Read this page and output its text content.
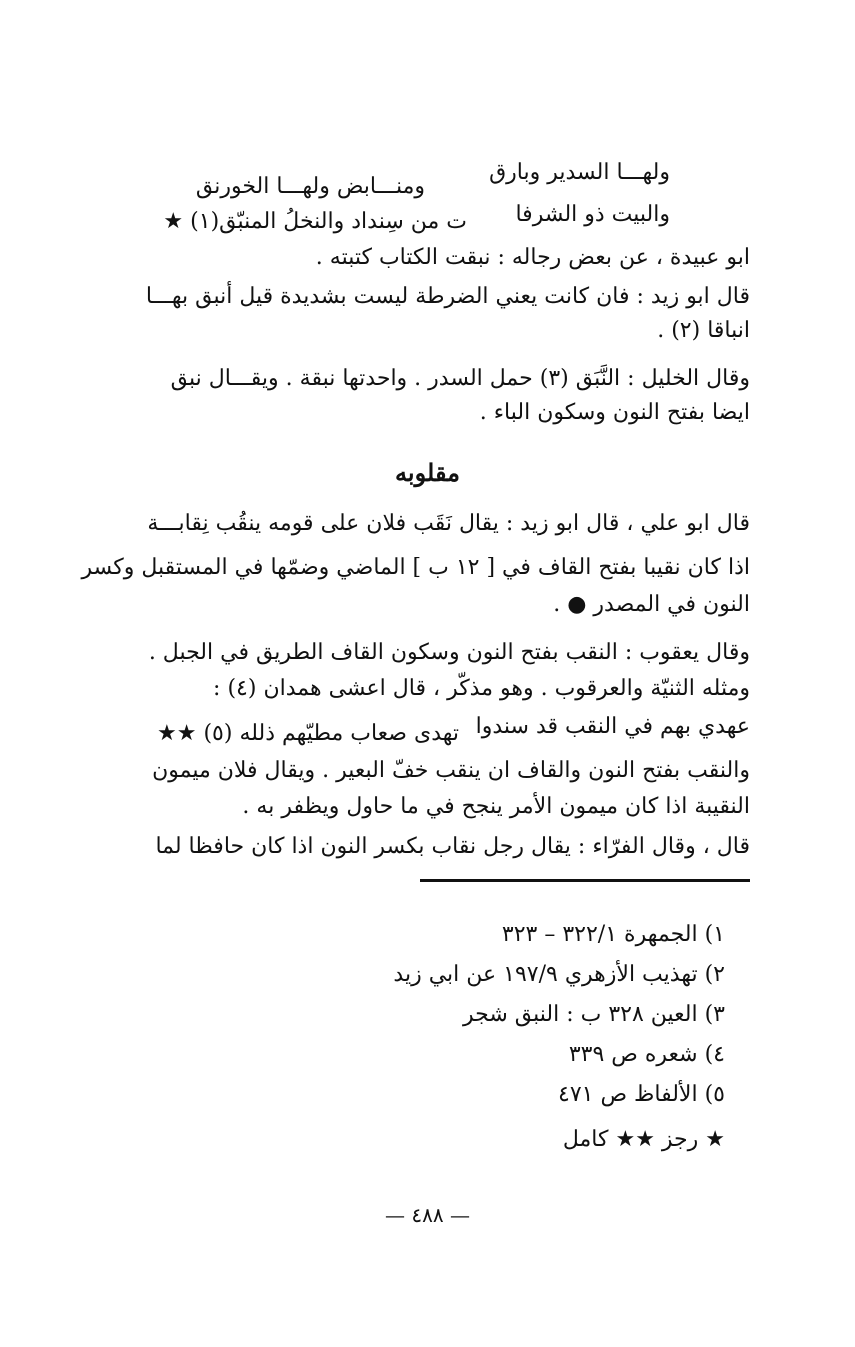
ولهـــا السدير وبارق
ومنـــابض ولهـــا الخورنق
والبيت ذو الشرفا
ت من سِنداد والنخلُ المنبّق(١) ★
ابو عبيدة ، عن بعض رجاله : نبقت الكتاب كتبته .
قال ابو زيد : فان كانت يعني الضرطة ليست بشديدة قيل أنبق بهـــا
انباقا (٢) .
وقال الخليل : النَّبَق (٣) حمل السدر . واحدتها نبقة . ويقـــال نبق
ايضا بفتح النون وسكون الباء .
مقلوبه
قال ابو علي ، قال ابو زيد : يقال نَقَب فلان على قومه ينقُب نِقابـــة
اذا كان نقيبا بفتح القاف في [ ١٢ ب ] الماضي وضمّها في المستقبل وكسر
النون في المصدر ● .
وقال يعقوب : النقب بفتح النون وسكون القاف الطريق في الجبل .
ومثله الثنيّة والعرقوب . وهو مذكّر ، قال اعشى همدان (٤) :
عهدي بهم في النقب قد سندوا
تهدى صعاب مطيّهم ذلله (٥) ★★
والنقب بفتح النون والقاف ان ينقب خفّ البعير . ويقال فلان ميمون
النقيبة اذا كان ميمون الأمر ينجح في ما حاول ويظفر به .
قال ، وقال الفرّاء : يقال رجل نقاب بكسر النون اذا كان حافظا لما
١) الجمهرة ٣٢٢/١ – ٣٢٣
٢) تهذيب الأزهري ١٩٧/٩ عن ابي زيد
٣) العين ٣٢٨ ب : النبق شجر
٤) شعره ص ٣٣٩
٥) الألفاظ ص ٤٧١
★ رجز ★★ كامل
— ٤٨٨ —
